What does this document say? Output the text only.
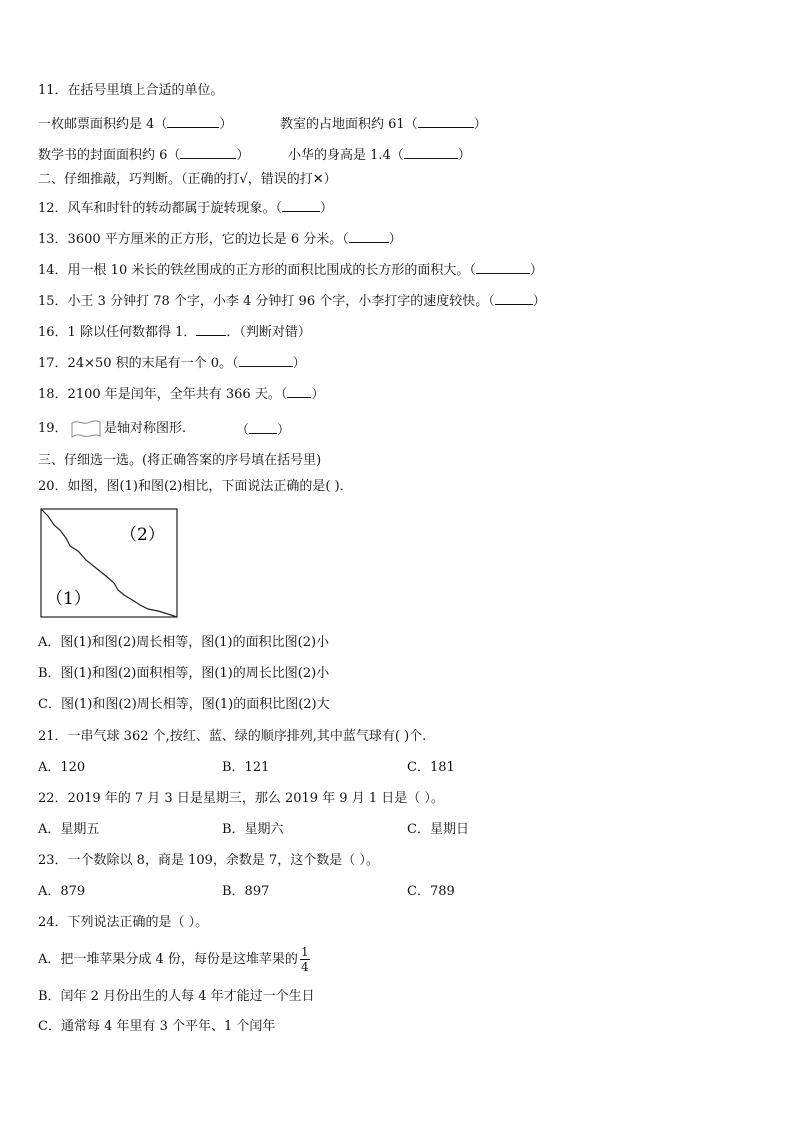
11．在括号里填上合适的单位。
一枚邮票面积约是 4（	）	教室的占地面积约 61（	）
数学书的封面面积约 6（	）	小华的身高是 1.4（	）
二、仔细推敲，巧判断。（正确的打√，错误的打✕）
12．风车和时针的转动都属于旋转现象。（	）
13．3600 平方厘米的正方形，它的边长是 6 分米。（	）
14．用一根 10 米长的铁丝围成的正方形的面积比围成的长方形的面积大。（	）
15．小王 3 分钟打 78 个字，小李 4 分钟打 96 个字，小李打字的速度较快。（	）
16．1 除以任何数都得 1． ．（判断对错）
17．24×50 积的末尾有一个 0。（	）
18．2100 年是闰年，全年共有 366 天。（ ）
19．	是轴对称图形.	（ ）
三、仔细选一选。(将正确答案的序号填在括号里)
20．如图，图(1)和图(2)相比，下面说法正确的是( )．
（2）
（1）
A．图(1)和图(2)周长相等，图(1)的面积比图(2)小
B．图(1)和图(2)面积相等，图(1)的周长比图(2)小
C．图(1)和图(2)周长相等，图(1)的面积比图(2)大
21．一串气球 362 个,按红、蓝、绿的顺序排列,其中蓝气球有( )个.
A．120	B．121	C．181
22．2019 年的 7 月 3 日是星期三，那么 2019 年 9 月 1 日是（ ）。
A．星期五	B．星期六	C．星期日
23．一个数除以 8，商是 109，余数是 7，这个数是（ ）。
A．879	B．897	C．789
24．下列说法正确的是（ ）。
A．把一堆苹果分成 4 份，每份是这堆苹果的 $\frac{1}{4}$
B．闰年 2 月份出生的人每 4 年才能过一个生日
C．通常每 4 年里有 3 个平年、1 个闰年
